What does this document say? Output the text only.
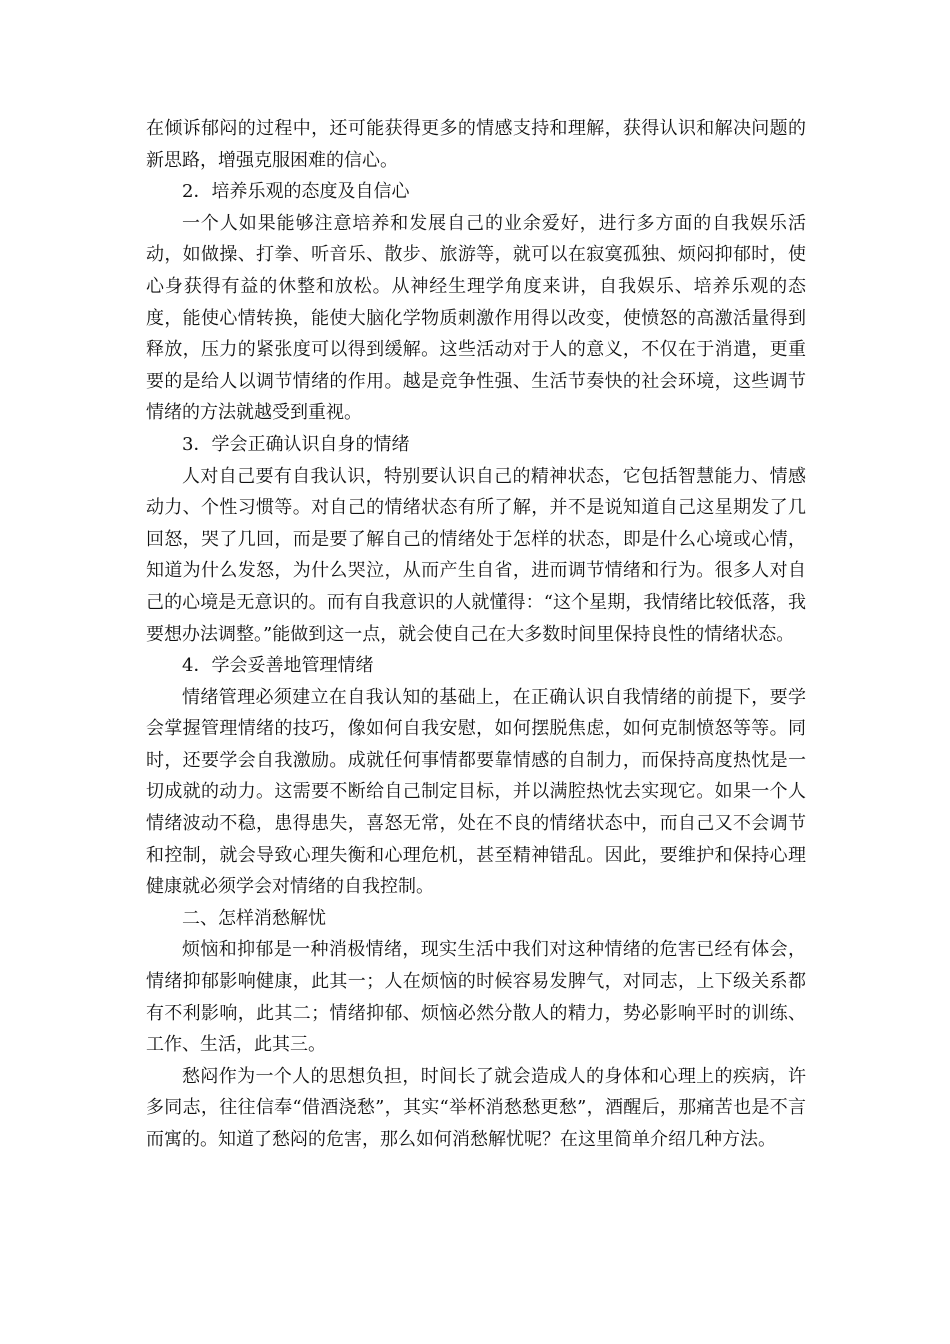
在倾诉郁闷的过程中，还可能获得更多的情感支持和理解，获得认识和解决问题的新思路，增强克服困难的信心。

2．培养乐观的态度及自信心

一个人如果能够注意培养和发展自己的业余爱好，进行多方面的自我娱乐活动，如做操、打拳、听音乐、散步、旅游等，就可以在寂寞孤独、烦闷抑郁时，使心身获得有益的休整和放松。从神经生理学角度来讲，自我娱乐、培养乐观的态度，能使心情转换，能使大脑化学物质刺激作用得以改变，使愤怒的高激活量得到释放，压力的紧张度可以得到缓解。这些活动对于人的意义，不仅在于消遣，更重要的是给人以调节情绪的作用。越是竞争性强、生活节奏快的社会环境，这些调节情绪的方法就越受到重视。

3．学会正确认识自身的情绪

人对自己要有自我认识，特别要认识自己的精神状态，它包括智慧能力、情感动力、个性习惯等。对自己的情绪状态有所了解，并不是说知道自己这星期发了几回怒，哭了几回，而是要了解自己的情绪处于怎样的状态，即是什么心境或心情，知道为什么发怒，为什么哭泣，从而产生自省，进而调节情绪和行为。很多人对自己的心境是无意识的。而有自我意识的人就懂得：“这个星期，我情绪比较低落，我要想办法调整。”能做到这一点，就会使自己在大多数时间里保持良性的情绪状态。

4．学会妥善地管理情绪

情绪管理必须建立在自我认知的基础上，在正确认识自我情绪的前提下，要学会掌握管理情绪的技巧，像如何自我安慰，如何摆脱焦虑，如何克制愤怒等等。同时，还要学会自我激励。成就任何事情都要靠情感的自制力，而保持高度热忱是一切成就的动力。这需要不断给自己制定目标，并以满腔热忱去实现它。如果一个人情绪波动不稳，患得患失，喜怒无常，处在不良的情绪状态中，而自己又不会调节和控制，就会导致心理失衡和心理危机，甚至精神错乱。因此，要维护和保持心理健康就必须学会对情绪的自我控制。

二、怎样消愁解忧

烦恼和抑郁是一种消极情绪，现实生活中我们对这种情绪的危害已经有体会，情绪抑郁影响健康，此其一；人在烦恼的时候容易发脾气，对同志，上下级关系都有不利影响，此其二；情绪抑郁、烦恼必然分散人的精力，势必影响平时的训练、工作、生活，此其三。

愁闷作为一个人的思想负担，时间长了就会造成人的身体和心理上的疾病，许多同志，往往信奉“借酒浇愁”，其实“举杯消愁愁更愁”，酒醒后，那痛苦也是不言而寓的。知道了愁闷的危害，那么如何消愁解忧呢？在这里简单介绍几种方法。
